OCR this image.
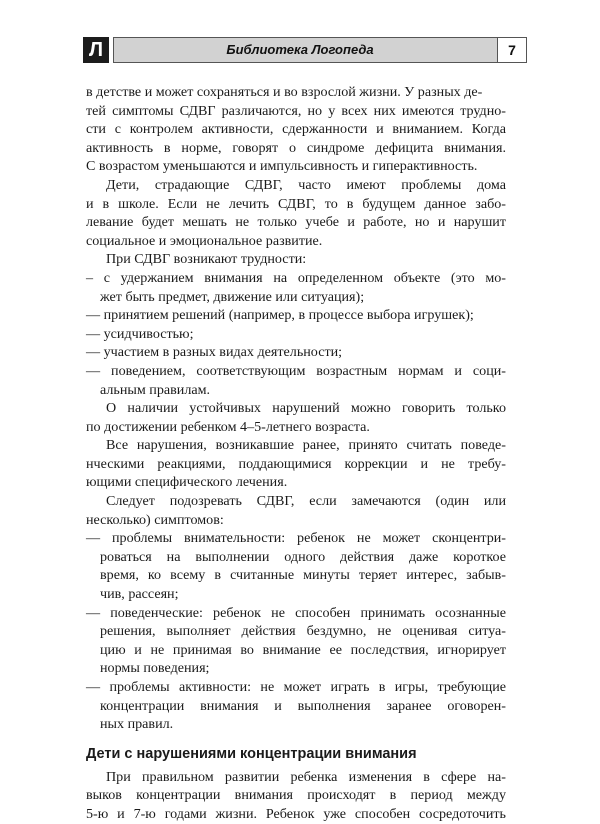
Л	Библиотека Логопеда	7
в детстве и может сохраняться и во взрослой жизни. У разных де-
тей симптомы СДВГ различаются, но у всех них имеются трудно-
сти с контролем активности, сдержанности и вниманием. Когда
активность в норме, говорят о синдроме дефицита внимания.
С возрастом уменьшаются и импульсивность и гиперактивность.
Дети, страдающие СДВГ, часто имеют проблемы дома
и в школе. Если не лечить СДВГ, то в будущем данное забо-
левание будет мешать не только учебе и работе, но и нарушит
социальное и эмоциональное развитие.
При СДВГ возникают трудности:
– с удержанием внимания на определенном объекте (это мо-
жет быть предмет, движение или ситуация);
— принятием решений (например, в процессе выбора игрушек);
— усидчивостью;
— участием в разных видах деятельности;
— поведением, соответствующим возрастным нормам и соци-
альным правилам.
О наличии устойчивых нарушений можно говорить только
по достижении ребенком 4–5-летнего возраста.
Все нарушения, возникавшие ранее, принято считать поведе-
нческими реакциями, поддающимися коррекции и не требу-
ющими специфического лечения.
Следует подозревать СДВГ, если замечаются (один или
несколько) симптомов:
— проблемы внимательности: ребенок не может сконцентри-
роваться на выполнении одного действия даже короткое
время, ко всему в считанные минуты теряет интерес, забыв-
чив, рассеян;
— поведенческие: ребенок не способен принимать осознанные
решения, выполняет действия бездумно, не оценивая ситуа-
цию и не принимая во внимание ее последствия, игнорирует
нормы поведения;
— проблемы активности: не может играть в игры, требующие
концентрации внимания и выполнения заранее оговорен-
ных правил.
Дети с нарушениями концентрации внимания
При правильном развитии ребенка изменения в сфере на-
выков концентрации внимания происходят в период между
5-ю и 7-ю годами жизни. Ребенок уже способен сосредоточить
